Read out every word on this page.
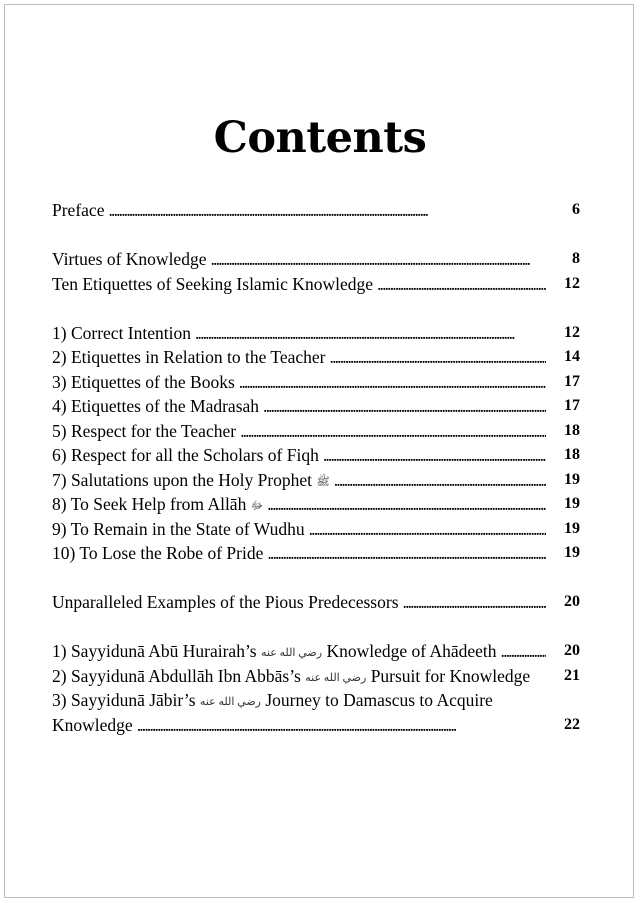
Contents
Preface . . .	6
Virtues of Knowledge . . .	8
Ten Etiquettes of Seeking Islamic Knowledge . . .	12
1) Correct Intention . . .	12
2) Etiquettes in Relation to the Teacher . . .	14
3) Etiquettes of the Books . . .	17
4) Etiquettes of the Madrasah . . .	17
5) Respect for the Teacher . . .	18
6) Respect for all the Scholars of Fiqh . . .	18
7) Salutations upon the Holy Prophet ﷺ . . .	19
8) To Seek Help from Allāh ﷻ . . .	19
9) To Remain in the State of Wudhu . . .	19
10) To Lose the Robe of Pride . . .	19
Unparalleled Examples of the Pious Predecessors . . .	20
1) Sayyidunā Abū Hurairah’s رضي الله عنه Knowledge of Ahādeeth . . .	20
2) Sayyidunā Abdullāh Ibn Abbās’s رضي الله عنه Pursuit for Knowledge	21
3) Sayyidunā Jābir’s رضي الله عنه Journey to Damascus to Acquire
Knowledge . . .	22
